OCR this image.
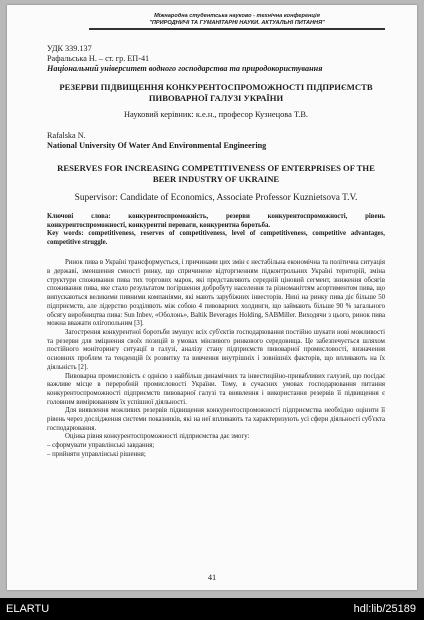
Міжнародна студентська науково - технічна конференція
"ПРИРОДНИЧІ ТА ГУМАНІТАРНІ НАУКИ. АКТУАЛЬНІ ПИТАННЯ"
УДК 339.137
Рафальська Н. – ст. гр. ЕП-41
Національний університет водного господарства та природокористування
РЕЗЕРВИ ПІДВИЩЕННЯ КОНКУРЕНТОСПРОМОЖНОСТІ ПІДПРИЄМСТВ ПИВОВАРНОЇ ГАЛУЗІ УКРАЇНИ
Науковий керівник: к.е.н., професор Кузнецова Т.В.
Rafalska N.
National University Of Water And Environmental Engineering
RESERVES FOR INCREASING COMPETITIVENESS OF ENTERPRISES OF THE BEER INDUSTRY OF UKRAINE
Supervisor: Candidate of Economics, Associate Professor Kuznietsova T.V.
Ключові слова: конкурентоспроможність, резерви конкурентоспроможності, рівень конкурентоспроможності, конкурентні переваги, конкурентна боротьба.
Key words: competitiveness, reserves of competitiveness, level of competitiveness, competitive advantages, competitive struggle.

Ринок пива в Україні трансформується, і причинами цих змін є нестабільна економічна та політична ситуація в державі, зменшення смності ринку, що спричинене відторгненням підконтрольних Україні територій, зміна структури споживання пива тих торгових марок, які представляють середній ціновий сегмент, зниження обсягів споживання пива, яке стало результатом погіршення добробуту населення та різноманіттям асортиментом пива, що випускаються великими пивними компаніями, які мають зарубіжних інвесторів. Нині на ринку пива діє більше 50 підприємств, але лідерство розділяють між собою 4 пивоварних холдинги, що займають більше 90 % загального обсягу виробництва пива: Sun Inbev, «Оболонь», Baltik Beverages Holding, SABMiller. Виходячи з цього, ринок пива можна вважати олігопольним [3].

Загострення конкурентної боротьби змушує всіх суб'єктів господарювання постійно шукати нові можливості та резерви для зміцнення своїх позицій в умовах мінливого ринкового середовища. Це забезпечується шляхом постійного моніторингу ситуації в галузі, аналізу стану підприємств пивоварної промисловості, визначення основних проблем та тенденцій їх розвитку та вивчення внутрішніх і зовнішніх факторів, що впливають на їх діяльність [2].

Пивоварна промисловість є однією з найбільш динамічних та інвестиційно-привабливих галузей, що посідає важливе місце в переробній промисловості України. Тому, в сучасних умовах господарювання питання конкурентоспроможності підприємств пивоварної галузі та виявлення і використання резервів її підвищення є головним вимірюванням їх успішної діяльності.

Для виявлення можливих резервів підвищення конкурентоспроможності підприємства необхідно оцінити її рівень через дослідження системи показників, які на неї впливають та характеризують усі сфери діяльності суб'єкта господарювання.

Оцінка рівня конкурентоспроможності підприємства дає змогу:

– сформувати управлінські завдання;

– прийняти управлінські рішення;

41
ELARTU	hdl:lib/25189
